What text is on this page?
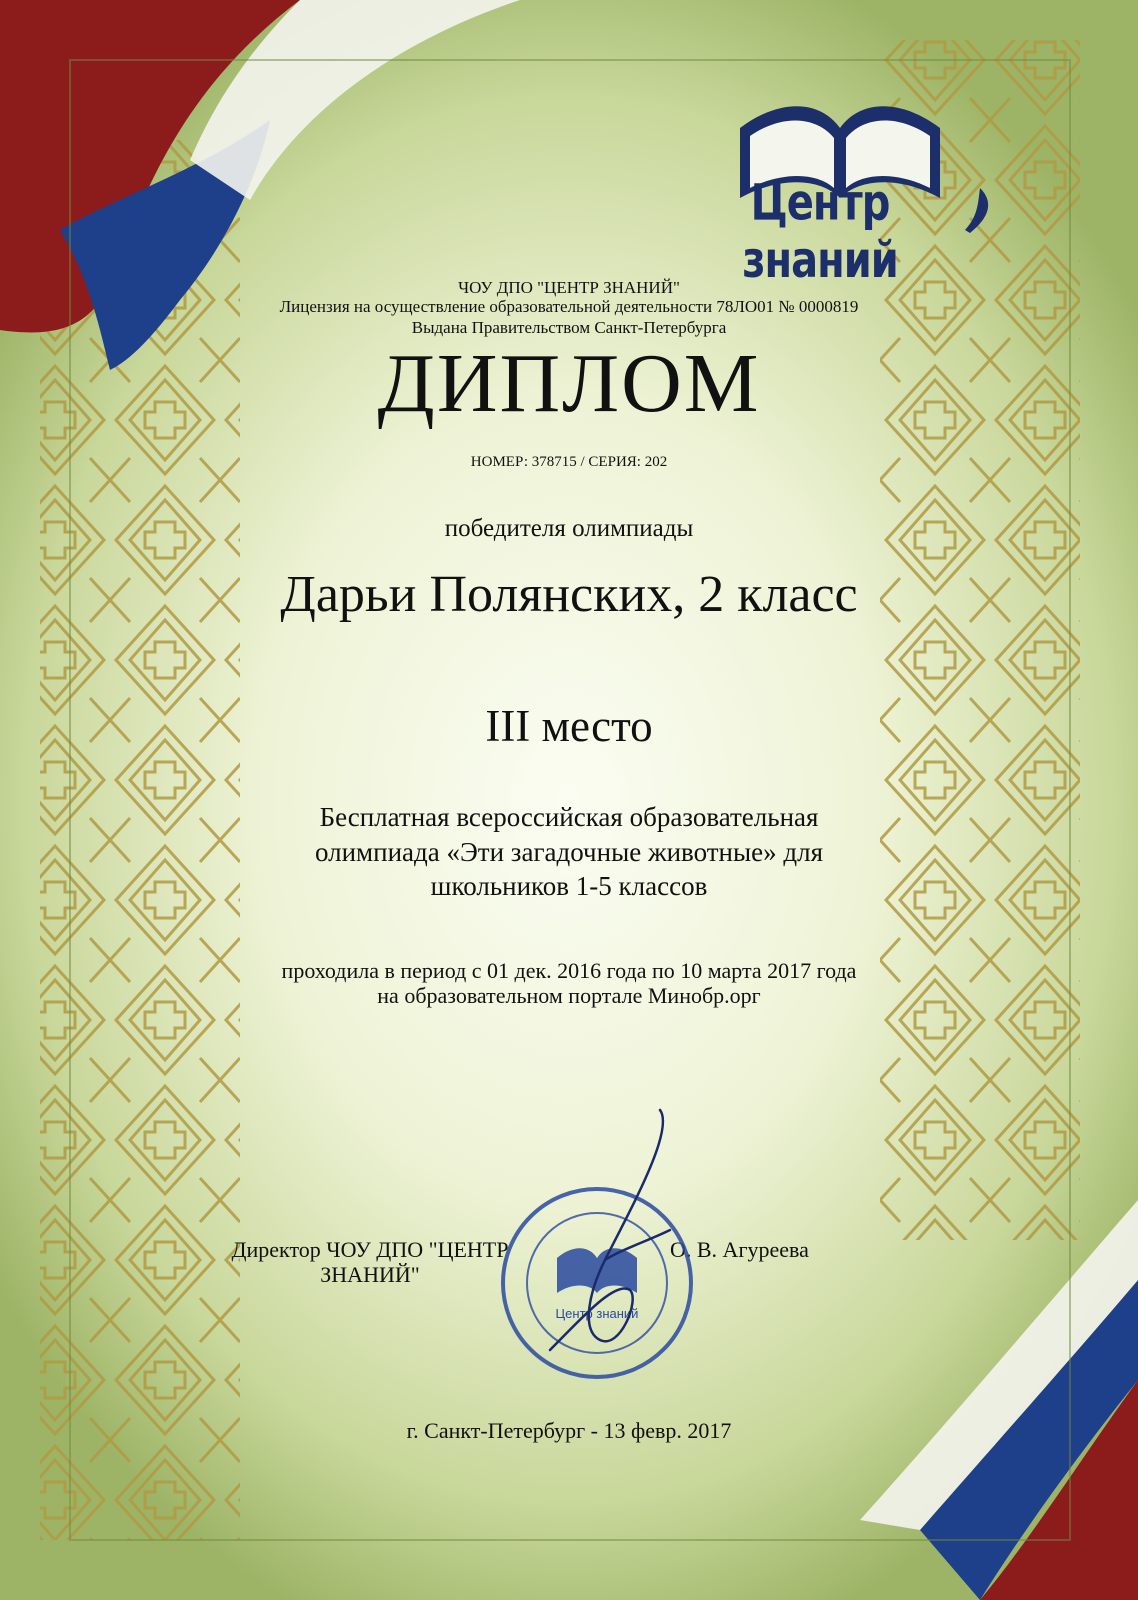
Центр знаний

ЧОУ ДПО "ЦЕНТР ЗНАНИЙ"

Лицензия на осуществление образовательной деятельности 78ЛО01 № 0000819

Выдана Правительством Санкт-Петербурга

ДИПЛОМ

НОМЕР: 378715 / СЕРИЯ: 202

победителя олимпиады

Дарьи Полянских, 2 класс

III место

Бесплатная всероссийская образовательная
олимпиада «Эти загадочные животные» для
школьников 1-5 классов
проходила в период с 01 дек. 2016 года по 10 марта 2017 года
на образовательном портале Минобр.орг
Директор ЧОУ ДПО "ЦЕНТР
ЗНАНИЙ"
О. В. Агуреева
Центр знаний

г. Санкт-Петербург - 13 февр. 2017
